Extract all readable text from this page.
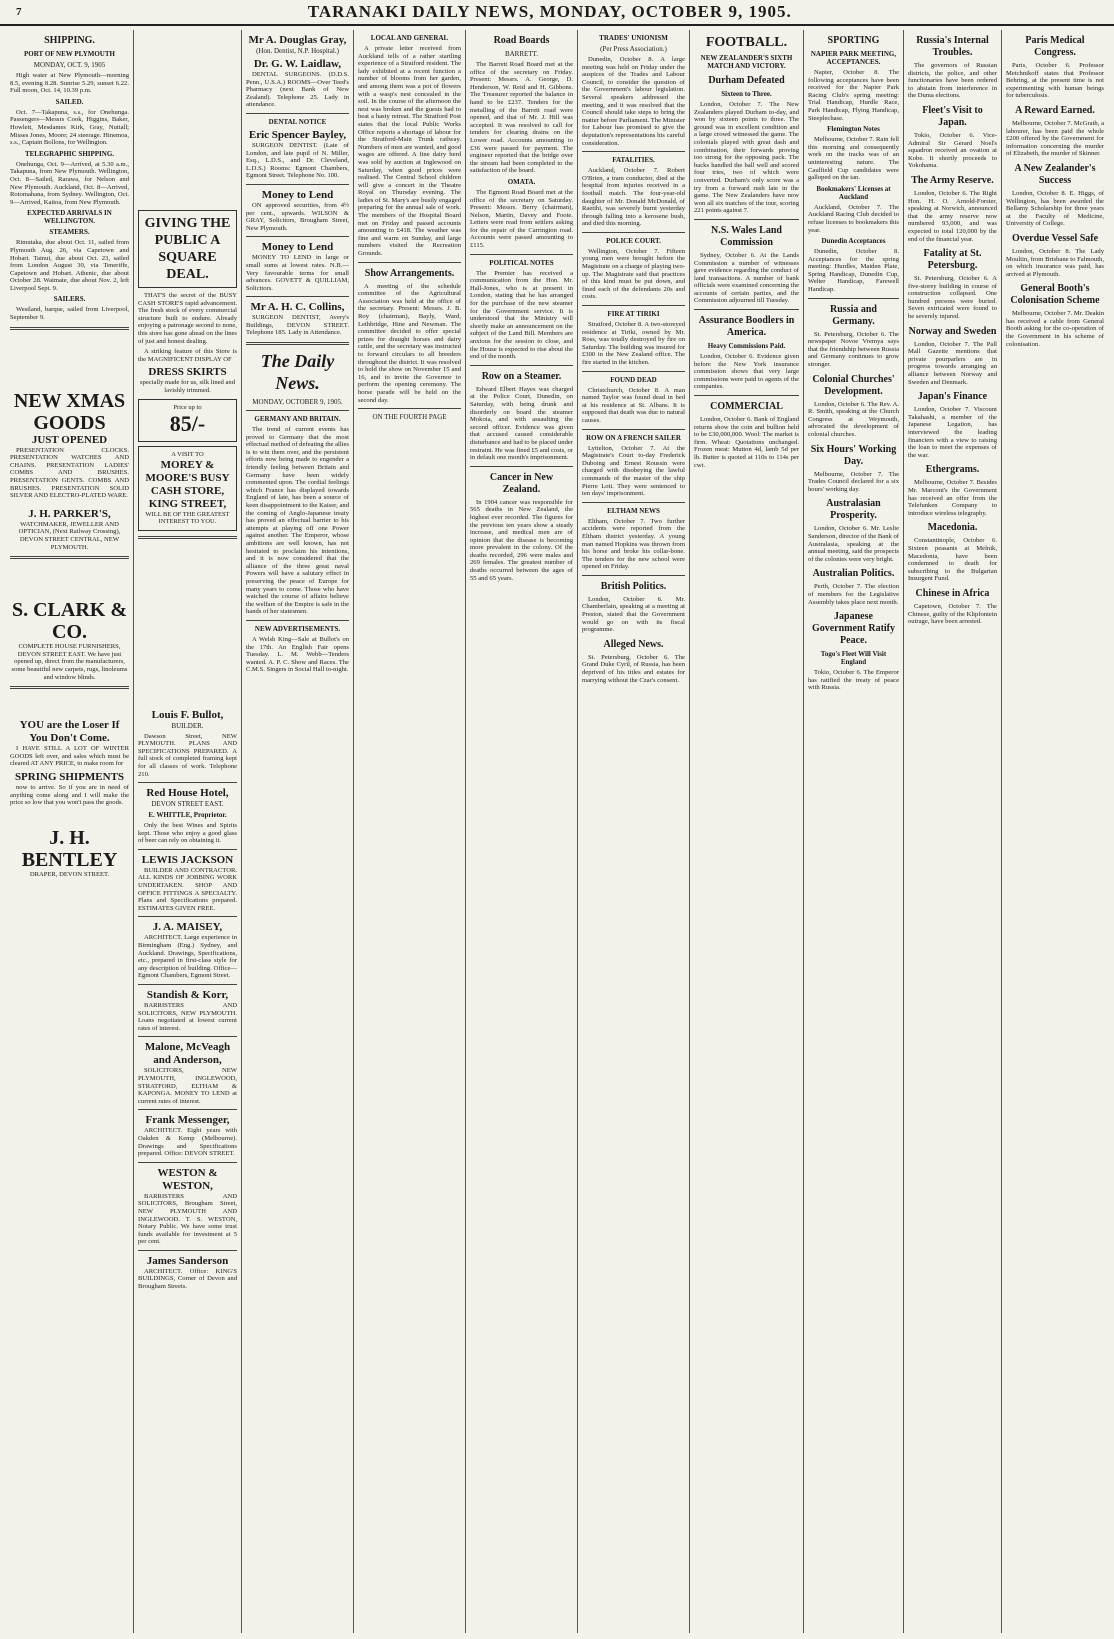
7	TARANAKI DAILY NEWS, MONDAY, OCTOBER 9, 1905.
SHIPPING.
PORT OF NEW PLYMOUTH
MONDAY, OCT. 9, 1905

High water at New Plymouth—morning 8.5, evening 8.28. Sunrise 5.29, sunset 6.22. Full moon, Oct. 14, 10.39 p.m.

SAILED.

Oct. 7—Takapuna, s.s., for Onehunga. Passengers—Messrs Cook, Higgins, Baker, Howlett, Mesdames Kirk, Gray, Nuttall; Misses Jones, Moore; 24 steerage. Hinemoa, s.s., Captain Bollons, for Wellington.

TELEGRAPHIC SHIPPING.

Onehunga, Oct. 9—Arrived, at 5.30 a.m., Takapuna, from New Plymouth. Wellington, Oct. 8—Sailed, Rarawa, for Nelson and New Plymouth. Auckland, Oct. 8—Arrived, Rotomahana, from Sydney. Wellington, Oct. 9—Arrived, Kaitoa, from New Plymouth.

EXPECTED ARRIVALS IN WELLINGTON.
STEAMERS.

Rimutaka, due about Oct. 11, sailed from Plymouth Aug. 26, via Capetown and Hobart. Tainui, due about Oct. 23, sailed from London August 30, via Teneriffe, Capetown and Hobart. Athenic, due about October 28. Waimate, due about Nov. 2, left Liverpool Sept. 9.

SAILERS.

Westland, barque, sailed from Liverpool, September 9.

NEW XMAS GOODS
JUST OPENED

PRESENTATION CLOCKS. PRESENTATION WATCHES AND CHAINS. PRESENTATION LADIES' COMBS AND BRUSHES. PRESENTATION GENTS. COMBS AND BRUSHES. PRESENTATION SOLID SILVER AND ELECTRO-PLATED WARE.

J. H. PARKER'S,

WATCHMAKER, JEWELLER AND OPTICIAN, (Next Railway Crossing), DEVON STREET CENTRAL, NEW PLYMOUTH.

S. CLARK & CO.

COMPLETE HOUSE FURNISHERS, DEVON STREET EAST. We have just opened up, direct from the manufacturers, some beautiful new carpets, rugs, linoleums and window blinds.

YOU are the Loser If You Don't Come.

I HAVE STILL A LOT OF WINTER GOODS left over, and sales which must be cleared AT ANY PRICE, to make room for

SPRING SHIPMENTS

now to arrive. So if you are in need of anything come along and I will make the price so low that you won't pass the goods.

J. H. BENTLEY

DRAPER, DEVON STREET.

GIVING THE PUBLIC A SQUARE DEAL.

THAT'S the secret of the BUSY CASH STORE'S rapid advancement. The fresh stock of every commercial structure built to endure. Already enjoying a patronage second to none, this store has gone ahead on the lines of just and honest dealing.

A striking feature of this Store is the MAGNIFICENT DISPLAY OF

DRESS SKIRTS

specially made for us, silk lined and lavishly trimmed.

Price up to
85/-
A VISIT TO
MOREY & MOORE'S BUSY CASH STORE, KING STREET,
WILL BE OF THE GREATEST INTEREST TO YOU.
Louis F. Bullot,
BUILDER.

Dawson Street, NEW PLYMOUTH. PLANS AND SPECIFICATIONS PREPARED. A full stock of completed framing kept for all classes of work. Telephone 210.

Red House Hotel,
DEVON STREET EAST.
E. WHITTLE, Proprietor.

Only the best Wines and Spirits kept. Those who enjoy a good glass of beer can rely on obtaining it.

LEWIS JACKSON

BUILDER AND CONTRACTOR. ALL KINDS OF JOBBING WORK UNDERTAKEN. SHOP AND OFFICE FITTINGS A SPECIALTY. Plans and Specifications prepared. ESTIMATES GIVEN FREE.

J. A. MAISEY,

ARCHITECT. Large experience in Birmingham (Eng.) Sydney, and Auckland. Drawings, Specifications, etc., prepared in first-class style for any description of building. Office—Egmont Chambers, Egmont Street.

Standish & Korr,

BARRISTERS AND SOLICITORS, NEW PLYMOUTH. Loans negotiated at lowest current rates of interest.

Malone, McVeagh and Anderson,

SOLICITORS, NEW PLYMOUTH, INGLEWOOD, STRATFORD, ELTHAM & KAPONGA. MONEY TO LEND at current rates of interest.

Frank Messenger,

ARCHITECT. Eight years with Oakden & Kemp (Melbourne). Drawings and Specifications prepared. Office: DEVON STREET.

WESTON & WESTON,

BARRISTERS AND SOLICITORS, Brougham Street, NEW PLYMOUTH AND INGLEWOOD. T. S. WESTON, Notary Public. We have some trust funds available for investment at 5 per cent.

James Sanderson

ARCHITECT. Office: KING'S BUILDINGS, Corner of Devon and Brougham Streets.

Mr A. Douglas Gray,
(Hon. Dentist, N.P. Hospital.)
Dr. G. W. Laidlaw,

DENTAL SURGEONS. (D.D.S. Penn., U.S.A.) ROOMS—Over Teed's Pharmacy (next Bank of New Zealand). Telephone 25. Lady in attendance.

DENTAL NOTICE
Eric Spencer Bayley,

SURGEON DENTIST. (Late of London, and late pupil of N. Miller, Esq., L.D.S., and Dr. Cleveland, L.D.S.) Rooms: Egmont Chambers, Egmont Street. Telephone No. 100.

Money to Lend

ON approved securities, from 4½ per cent., upwards. WILSON & GRAY, Solicitors, Brougham Street, New Plymouth.

Money to Lend

MONEY TO LEND in large or small sums at lowest rates. N.B.—Very favourable terms for small advances. GOVETT & QUILLIAM, Solicitors.

Mr A. H. C. Collins,

SURGEON DENTIST, Avery's Buildings, DEVON STREET. Telephone 185. Lady in Attendance.

The Daily News.
MONDAY, OCTOBER 9, 1905.
GERMANY AND BRITAIN.

The trend of current events has proved to Germany that the most effectual method of defeating the allies is to win them over, and the persistent efforts now being made to engender a friendly feeling between Britain and Germany have been widely commented upon. The cordial feelings which France has displayed towards England of late, has been a source of keen disappointment to the Kaiser, and the coming of Anglo-Japanese treaty has proved an effectual barrier to his attempts at playing off one Power against another. The Emperor, whose ambitions are well known, has not hesitated to proclaim his intentions, and it is now considered that the alliance of the three great naval Powers will have a salutary effect in preserving the peace of Europe for many years to come. Those who have watched the course of affairs believe the welfare of the Empire is safe in the hands of her statesmen.

NEW ADVERTISEMENTS.

A Welsh King—Sale at Bullot's on the 17th. An English Fair opens Tuesday. L. M. Webb—Tenders wanted. A. P. C. Show and Races. The C.M.S. Singers in Social Hall to-night.

LOCAL AND GENERAL

A private letter received from Auckland tells of a rather startling experience of a Stratford resident. The lady exhibited at a recent function a number of blooms from her garden, and among them was a pot of flowers with a wasp's nest concealed in the soil. In the course of the afternoon the nest was broken and the guests had to beat a hasty retreat. The Stratford Post states that the local Public Works Office reports a shortage of labour for the Stratford-Main Trunk railway. Numbers of men are wanted, and good wages are offered. A fine dairy herd was sold by auction at Inglewood on Saturday, when good prices were realised. The Central School children will give a concert in the Theatre Royal on Thursday evening. The ladies of St. Mary's are busily engaged preparing for the annual sale of work. The members of the Hospital Board met on Friday and passed accounts amounting to £418. The weather was fine and warm on Sunday, and large numbers visited the Recreation Grounds.

Show Arrangements.

A meeting of the schedule committee of the Agricultural Association was held at the office of the secretary. Present: Messrs. J. B. Roy (chairman), Bayly, Ward, Lethbridge, Hine and Newman. The committee decided to offer special prizes for draught horses and dairy cattle, and the secretary was instructed to forward circulars to all breeders throughout the district. It was resolved to hold the show on November 15 and 16, and to invite the Governor to perform the opening ceremony. The horse parade will be held on the second day.

ON THE FOURTH PAGE
Road Boards
BARRETT.

The Barrett Road Board met at the office of the secretary on Friday. Present: Messrs. A. George, D. Henderson, W. Reid and H. Gibbons. The Treasurer reported the balance in hand to be £237. Tenders for the metalling of the Barrett road were opened, and that of Mr. J. Hill was accepted. It was resolved to call for tenders for clearing drains on the Lower road. Accounts amounting to £36 were passed for payment. The engineer reported that the bridge over the stream had been completed to the satisfaction of the board.

OMATA.

The Egmont Road Board met at the office of the secretary on Saturday. Present: Messrs. Berry (chairman), Nelson, Martin, Davey and Foote. Letters were read from settlers asking for the repair of the Carrington road. Accounts were passed amounting to £115.

POLITICAL NOTES

The Premier has received a communication from the Hon. Mr. Hall-Jones, who is at present in London, stating that he has arranged for the purchase of the new steamer for the Government service. It is understood that the Ministry will shortly make an announcement on the subject of the Land Bill. Members are anxious for the session to close, and the House is expected to rise about the end of the month.

Row on a Steamer.

Edward Elbert Hayes was charged at the Police Court, Dunedin, on Saturday, with being drunk and disorderly on board the steamer Mokoia, and with assaulting the second officer. Evidence was given that accused caused considerable disturbance and had to be placed under restraint. He was fined £5 and costs, or in default one month's imprisonment.

Cancer in New Zealand.

In 1904 cancer was responsible for 565 deaths in New Zealand, the highest ever recorded. The figures for the previous ten years show a steady increase, and medical men are of opinion that the disease is becoming more prevalent in the colony. Of the deaths recorded, 296 were males and 269 females. The greatest number of deaths occurred between the ages of 55 and 65 years.

TRADES' UNIONISM
(Per Press Association.)

Dunedin, October 8. A large meeting was held on Friday under the auspices of the Trades and Labour Council, to consider the question of the Government's labour legislation. Several speakers addressed the meeting, and it was resolved that the Council should take steps to bring the matter before Parliament. The Minister for Labour has promised to give the deputation's representations his careful consideration.

FATALITIES.

Auckland, October 7. Robert O'Brien, a tram conductor, died at the hospital from injuries received in a football match. The four-year-old daughter of Mr. Donald McDonald, of Raetihi, was severely burnt yesterday through falling into a kerosene bush, and died this morning.

POLICE COURT.

Wellington, October 7. Fifteen young men were brought before the Magistrate on a charge of playing two-up. The Magistrate said that practices of this kind must be put down, and fined each of the defendants 20s and costs.

FIRE AT TIRIKI

Stratford, October 8. A two-storeyed residence at Tiriki, owned by Mr. Ross, was totally destroyed by fire on Saturday. The building was insured for £300 in the New Zealand office. The fire started in the kitchen.

FOUND DEAD

Christchurch, October 8. A man named Taylor was found dead in bed at his residence at St. Albans. It is supposed that death was due to natural causes.

ROW ON A FRENCH SAILER

Lyttelton, October 7. At the Magistrate's Court to-day Frederick Duboing and Ernest Roussin were charged with disobeying the lawful commands of the master of the ship Pierre Loti. They were sentenced to ten days' imprisonment.

ELTHAM NEWS

Eltham, October 7. Two further accidents were reported from the Eltham district yesterday. A young man named Hopkins was thrown from his horse and broke his collar-bone. The tenders for the new school were opened on Friday.

British Politics.

London, October 6. Mr. Chamberlain, speaking at a meeting at Preston, stated that the Government would go on with its fiscal programme.

Alleged News.

St. Petersburg, October 6. The Grand Duke Cyril, of Russia, has been deprived of his titles and estates for marrying without the Czar's consent.

FOOTBALL.
NEW ZEALANDER'S SIXTH MATCH AND VICTORY.
Durham Defeated
Sixteen to Three.

London, October 7. The New Zealanders played Durham to-day, and won by sixteen points to three. The ground was in excellent condition and a large crowd witnessed the game. The colonials played with great dash and combination, their forwards proving too strong for the opposing pack. The backs handled the ball well and scored four tries, two of which were converted. Durham's only score was a try from a forward rush late in the game. The New Zealanders have now won all six matches of the tour, scoring 221 points against 7.

N.S. Wales Land Commission

Sydney, October 6. At the Lands Commission a number of witnesses gave evidence regarding the conduct of land transactions. A number of bank officials were examined concerning the accounts of certain parties, and the Commission adjourned till Tuesday.

Assurance Boodlers in America.
Heavy Commissions Paid.

London, October 6. Evidence given before the New York insurance commission shows that very large commissions were paid to agents of the companies.

COMMERCIAL

London, October 6. Bank of England returns show the coin and bullion held to be £30,000,000. Wool: The market is firm. Wheat: Quotations unchanged. Frozen meat: Mutton 4d, lamb 5d per lb. Butter is quoted at 110s to 114s per cwt.

SPORTING
NAPIER PARK MEETING, ACCEPTANCES.

Napier, October 8. The following acceptances have been received for the Napier Park Racing Club's spring meeting: Trial Handicap, Hurdle Race, Park Handicap, Flying Handicap, Steeplechase.

Flemington Notes

Melbourne, October 7. Rain fell this morning and consequently work on the tracks was of an uninteresting nature. The Caulfield Cup candidates were galloped on the tan.

Bookmakers' Licenses at Auckland

Auckland, October 7. The Auckland Racing Club decided to refuse licenses to bookmakers this year.

Dunedin Acceptances

Dunedin, October 8. Acceptances for the spring meeting: Hurdles, Maiden Plate, Spring Handicap, Dunedin Cup, Welter Handicap, Farewell Handicap.

Russia and Germany.

St. Petersburg, October 6. The newspaper Novoe Vremya says that the friendship between Russia and Germany continues to grow stronger.

Colonial Churches' Development.

London, October 6. The Rev. A. R. Smith, speaking at the Church Congress at Weymouth, advocated the development of colonial churches.

Six Hours' Working Day.

Melbourne, October 7. The Trades Council declared for a six hours' working day.

Australasian Prosperity.

London, October 6. Mr. Leslie Sanderson, director of the Bank of Australasia, speaking at the annual meeting, said the prospects of the colonies were very bright.

Australian Politics.

Perth, October 7. The election of members for the Legislative Assembly takes place next month.

Japanese Government Ratify Peace.
Togo's Fleet Will Visit England

Tokio, October 6. The Emperor has ratified the treaty of peace with Russia.

Russia's Internal Troubles.

The governors of Russian districts, the police, and other functionaries have been ordered to abstain from interference in the Duma elections.

Fleet's Visit to Japan.

Tokio, October 6. Vice-Admiral Sir Gerard Noel's squadron received an ovation at Kobe. It shortly proceeds to Yokohama.

The Army Reserve.

London, October 6. The Right Hon. H. O. Arnold-Forster, speaking at Norwich, announced that the army reserve now numbered 93,000, and was expected to total 120,000 by the end of the financial year.

Fatality at St. Petersburg.

St. Petersburg, October 6. A five-storey building in course of construction collapsed. One hundred persons were buried. Seven extricated were found to be severely injured.

Norway and Sweden

London, October 7. The Pall Mall Gazette mentions that private pourparlers are in progress towards arranging an alliance between Norway and Sweden and Denmark.

Japan's Finance

London, October 7. Viscount Takahashi, a member of the Japanese Legation, has interviewed the leading financiers with a view to raising the loan to meet the expenses of the war.

Ethergrams.

Melbourne, October 7. Besides Mr. Marconi's the Government has received an offer from the Telefunken Company to introduce wireless telegraphy.

Macedonia.

Constantinople, October 6. Sixteen peasants at Melnik, Macedonia, have been condemned to death for subscribing to the Bulgarian Insurgent Fund.

Chinese in Africa

Capetown, October 7. The Chinese, guilty of the Klipfontein outrage, have been arrested.

Paris Medical Congress.

Paris, October 6. Professor Metchnikoff states that Professor Behring, at the present time is not experimenting with human beings for tuberculosis.

A Reward Earned.

Melbourne, October 7. McGrath, a labourer, has been paid the whole £200 offered by the Government for information concerning the murder of Elizabeth, the murder of Skinner.

A New Zealander's Success

London, October 8. E. Higgs, of Wellington, has been awarded the Bellamy Scholarship for three years at the Faculty of Medicine, University of College.

Overdue Vessel Safe

London, October 8. The Lady Moultin, from Brisbane to Falmouth, on which insurance was paid, has arrived at Plymouth.

General Booth's Colonisation Scheme

Melbourne, October 7. Mr. Deakin has received a cable from General Booth asking for the co-operation of the Government in his scheme of colonisation.
